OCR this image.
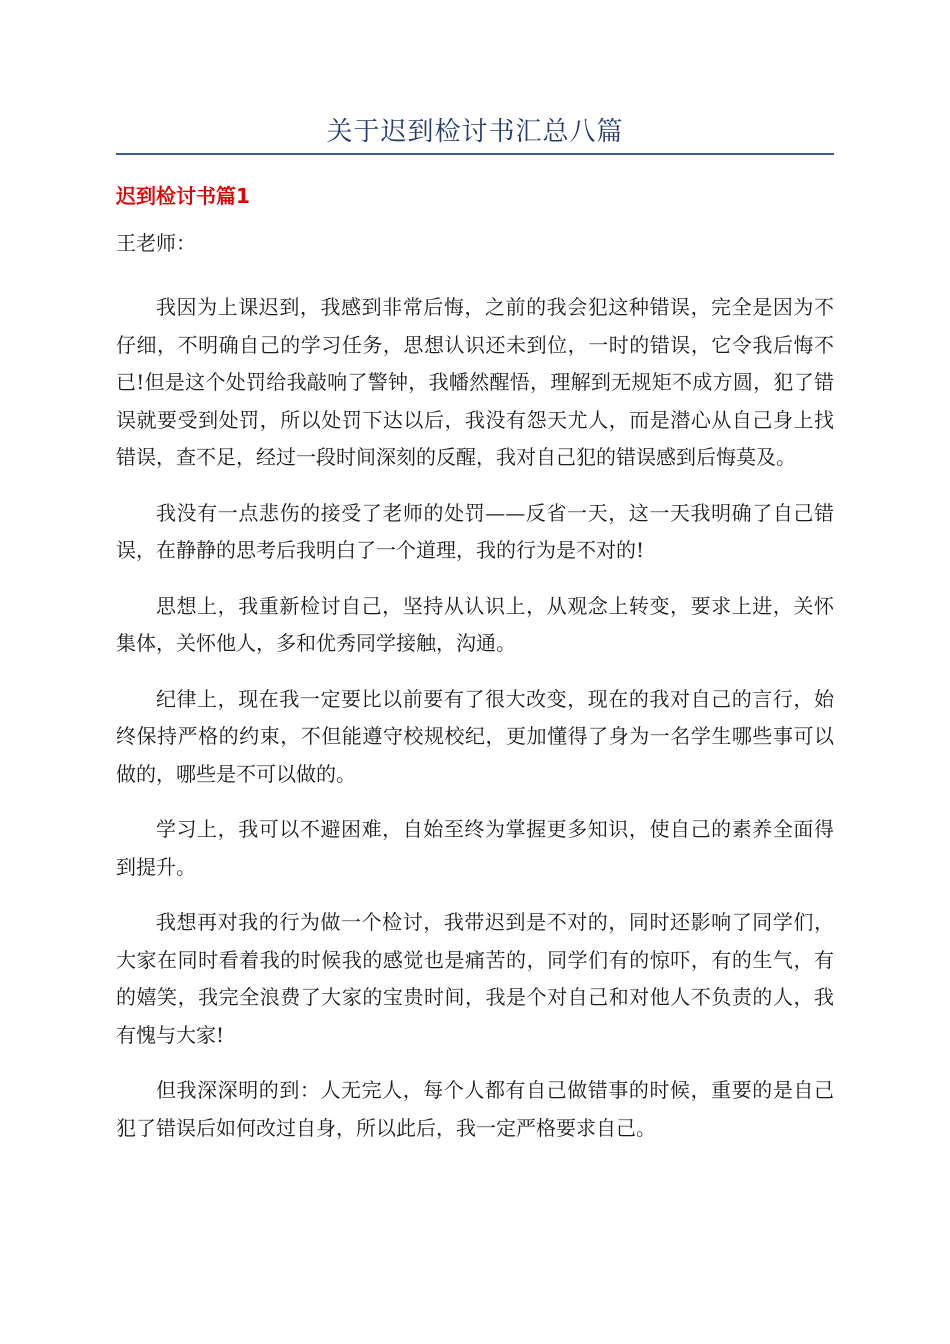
关于迟到检讨书汇总八篇
迟到检讨书篇1

王老师：

我因为上课迟到，我感到非常后悔，之前的我会犯这种错误，完全是因为不仔细，不明确自己的学习任务，思想认识还未到位，一时的错误，它令我后悔不已!但是这个处罚给我敲响了警钟，我幡然醒悟，理解到无规矩不成方圆，犯了错误就要受到处罚，所以处罚下达以后，我没有怨天尤人，而是潜心从自己身上找错误，查不足，经过一段时间深刻的反醒，我对自己犯的错误感到后悔莫及。

我没有一点悲伤的接受了老师的处罚——反省一天，这一天我明确了自己错误，在静静的思考后我明白了一个道理，我的行为是不对的!

思想上，我重新检讨自己，坚持从认识上，从观念上转变，要求上进，关怀集体，关怀他人，多和优秀同学接触，沟通。

纪律上，现在我一定要比以前要有了很大改变，现在的我对自己的言行，始终保持严格的约束，不但能遵守校规校纪，更加懂得了身为一名学生哪些事可以做的，哪些是不可以做的。

学习上，我可以不避困难，自始至终为掌握更多知识，使自己的素养全面得到提升。

我想再对我的行为做一个检讨，我带迟到是不对的，同时还影响了同学们，大家在同时看着我的时候我的感觉也是痛苦的，同学们有的惊吓，有的生气，有的嬉笑，我完全浪费了大家的宝贵时间，我是个对自己和对他人不负责的人，我有愧与大家!

但我深深明的到：人无完人，每个人都有自己做错事的时候，重要的是自己犯了错误后如何改过自身，所以此后，我一定严格要求自己。
